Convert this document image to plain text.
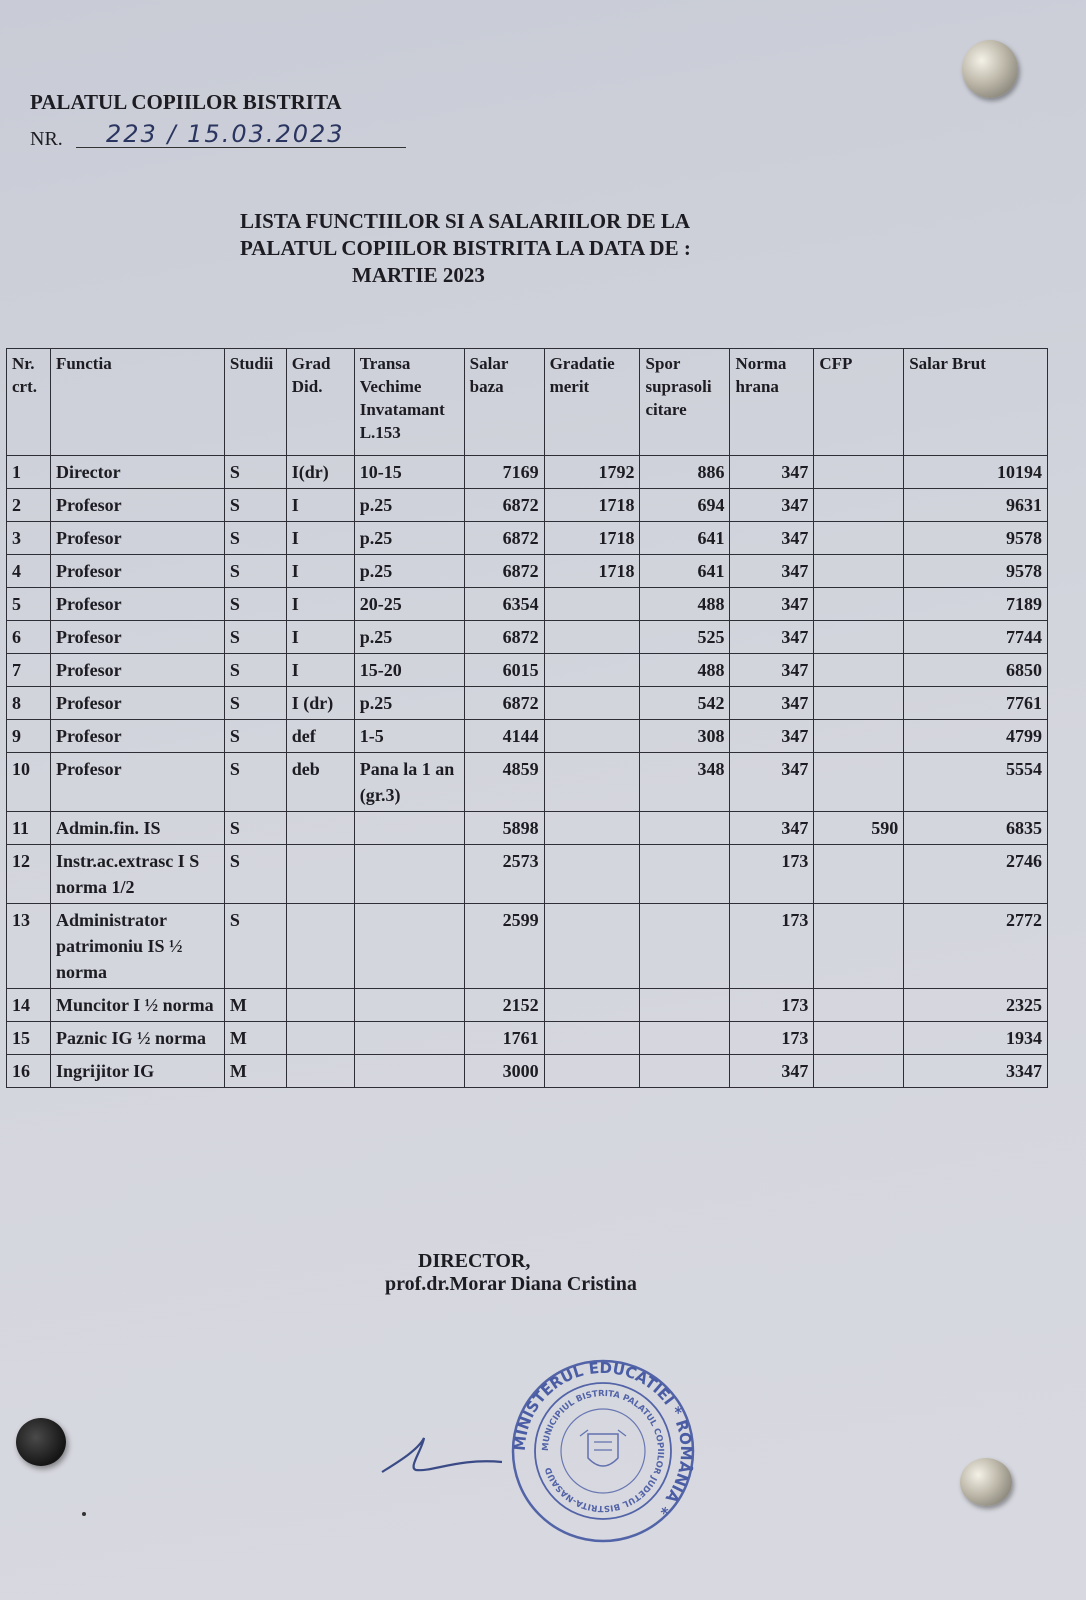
PALATUL COPIILOR BISTRITA
NR.	223 / 15.03.2023
LISTA FUNCTIILOR SI A SALARIILOR DE LA
PALATUL COPIILOR BISTRITA LA DATA DE :
MARTIE 2023
Nr. crt.	Functia	Studii	Grad Did.	Transa Vechime Invatamant L.153	Salar baza	Gradatie merit	Spor suprasoli citare	Norma hrana	CFP	Salar Brut
1	Director	S	I(dr)	10-15	7169	1792	886	347		10194
2	Profesor	S	I	p.25	6872	1718	694	347		9631
3	Profesor	S	I	p.25	6872	1718	641	347		9578
4	Profesor	S	I	p.25	6872	1718	641	347		9578
5	Profesor	S	I	20-25	6354		488	347		7189
6	Profesor	S	I	p.25	6872		525	347		7744
7	Profesor	S	I	15-20	6015		488	347		6850
8	Profesor	S	I (dr)	p.25	6872		542	347		7761
9	Profesor	S	def	1-5	4144		308	347		4799
10	Profesor	S	deb	Pana la 1 an (gr.3)	4859		348	347		5554
11	Admin.fin. IS	S			5898			347	590	6835
12	Instr.ac.extrasc I S norma 1/2	S			2573			173		2746
13	Administrator patrimoniu IS ½ norma	S			2599			173		2772
14	Muncitor I ½ norma	M			2152			173		2325
15	Paznic IG ½ norma	M			1761			173		1934
16	Ingrijitor IG	M			3000			347		3347
DIRECTOR,
prof.dr.Morar Diana Cristina
MINISTERUL EDUCATIEI * ROMÂNIA *
MUNICIPIUL BISTRITA PALATUL COPIILOR JUDETUL BISTRITA-NASAUD
